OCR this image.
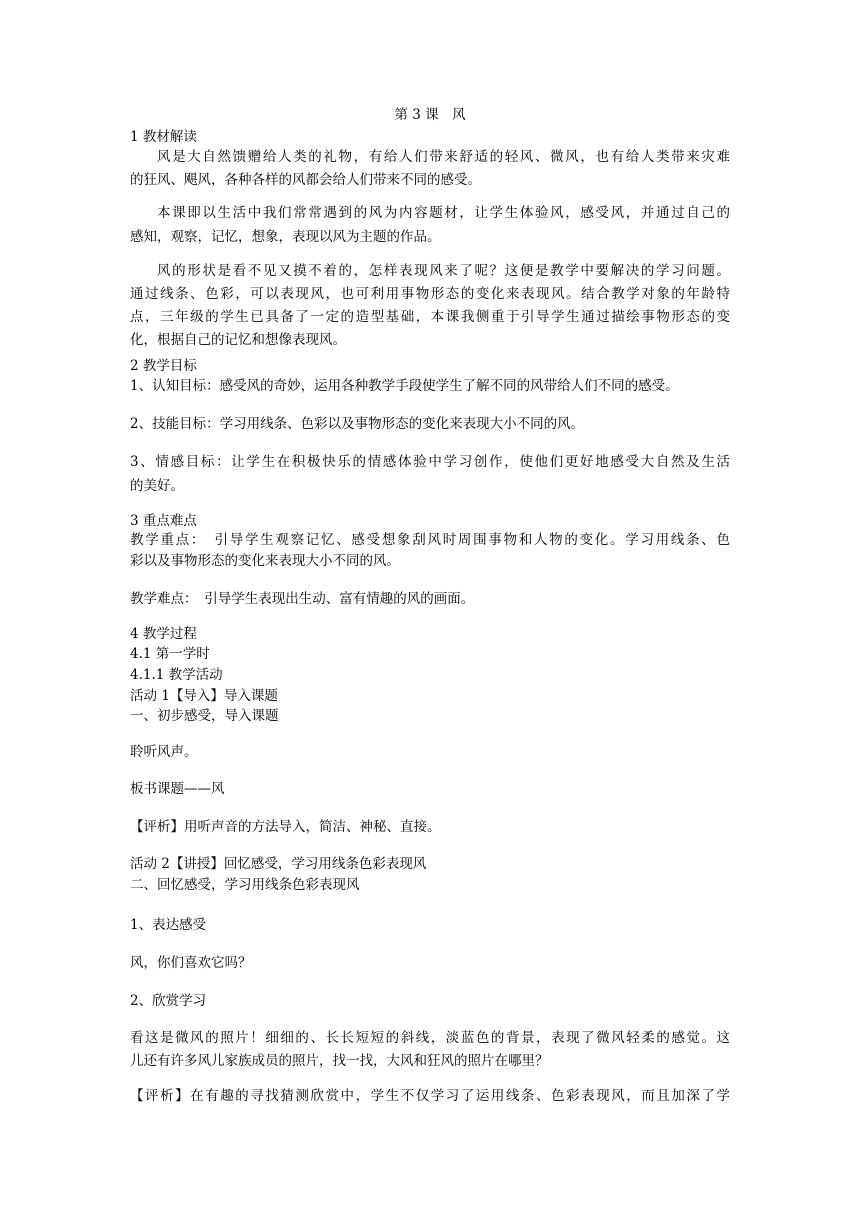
第 3 课　风
1 教材解读
风是大自然馈赠给人类的礼物，有给人们带来舒适的轻风、微风，也有给人类带来灾难
的狂风、飓风，各种各样的风都会给人们带来不同的感受。
本课即以生活中我们常常遇到的风为内容题材，让学生体验风，感受风，并通过自己的
感知，观察，记忆，想象，表现以风为主题的作品。
风的形状是看不见又摸不着的，怎样表现风来了呢？这便是教学中要解决的学习问题。
通过线条、色彩，可以表现风，也可利用事物形态的变化来表现风。结合教学对象的年龄特
点，三年级的学生已具备了一定的造型基础，本课我侧重于引导学生通过描绘事物形态的变
化，根据自己的记忆和想像表现风。
2 教学目标
1、认知目标：感受风的奇妙，运用各种教学手段使学生了解不同的风带给人们不同的感受。
2、技能目标：学习用线条、色彩以及事物形态的变化来表现大小不同的风。
3、情感目标：让学生在积极快乐的情感体验中学习创作，使他们更好地感受大自然及生活
的美好。
3 重点难点
教学重点：　引导学生观察记忆、感受想象刮风时周围事物和人物的变化。学习用线条、色
彩以及事物形态的变化来表现大小不同的风。
教学难点：　引导学生表现出生动、富有情趣的风的画面。
4 教学过程
4.1 第一学时
4.1.1 教学活动
活动 1【导入】导入课题
一、初步感受，导入课题
聆听风声。
板书课题——风
【评析】用听声音的方法导入，简洁、神秘、直接。
活动 2【讲授】回忆感受，学习用线条色彩表现风
二、回忆感受，学习用线条色彩表现风
1、表达感受
风，你们喜欢它吗？
2、欣赏学习
看这是微风的照片！细细的、长长短短的斜线，淡蓝色的背景，表现了微风轻柔的感觉。这
儿还有许多风儿家族成员的照片，找一找，大风和狂风的照片在哪里？
【评析】在有趣的寻找猜测欣赏中，学生不仅学习了运用线条、色彩表现风，而且加深了学
